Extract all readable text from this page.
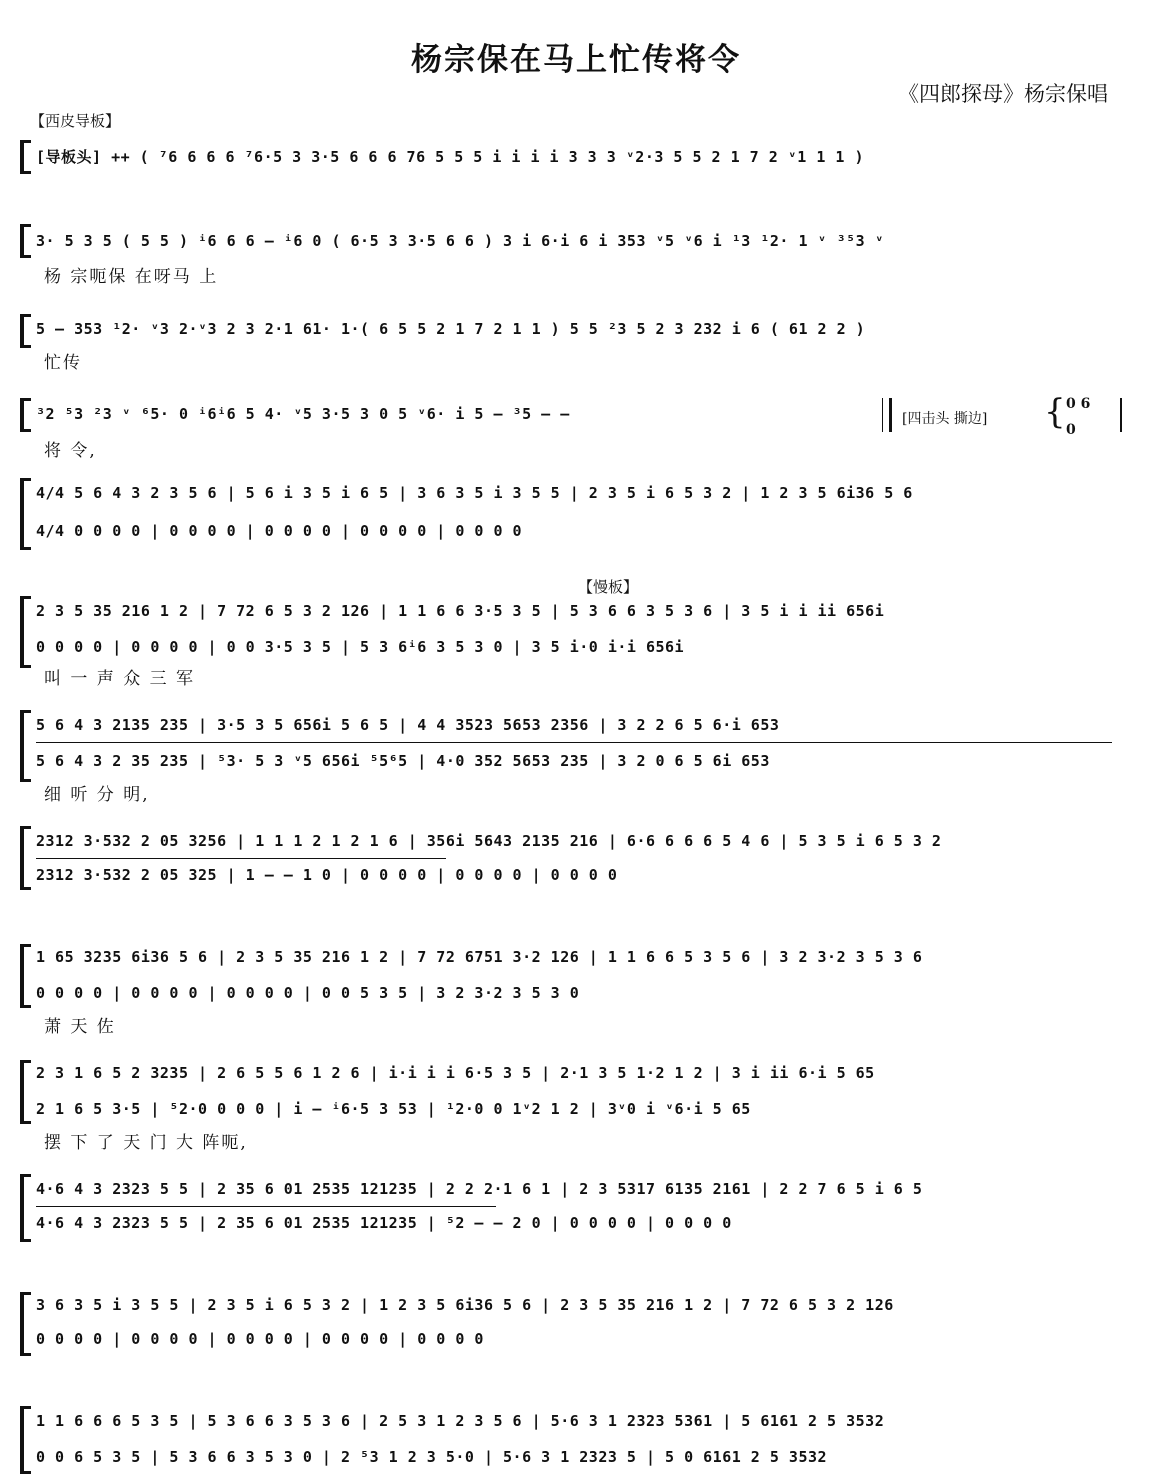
杨宗保在马上忙传将令
《四郎探母》杨宗保唱
【西皮导板】
【慢板】
[导板头] ++ ( ⁷6 6 6 6 ⁷6·5 3 3·5 6 6 6 76 5 5 5 i i i i 3 3 3 ᵛ2·3 5 5 2 1 7 2 ᵛ1 1 1 )
3· 5 3 5 ( 5 5 ) ⁱ6 6 6 — ⁱ6 0 ( 6·5 3 3·5 6 6 ) 3 i 6·i 6 i 353 ᵛ5 ᵛ6 i ¹3 ¹2· 1 ᵛ ³⁵3 ᵛ
杨 宗呃保 在呀马 上
5 — 353 ¹2· ᵛ3 2·ᵛ3 2 3 2·1 61· 1·( 6 5 5 2 1 7 2 1 1 ) 5 5 ²3 5 2 3 232 i 6 ( 61 2 2 )
忙传
³2 ⁵3 ²3 ᵛ ⁶5· 0 ⁱ6ⁱ6 5 4· ᵛ5 3·5 3 0 5 ᵛ6· i 5 — ³5 — —
将 令,
[四击头 撕边] { 0 6
0
4/4 5 6 4 3 2 3 5 6 | 5 6 i 3 5 i 6 5 | 3 6 3 5 i 3 5 5 | 2 3 5 i 6 5 3 2 | 1 2 3 5 6i36 5 6
4/4 0 0 0 0 | 0 0 0 0 | 0 0 0 0 | 0 0 0 0 | 0 0 0 0
2 3 5 35 216 1 2 | 7 72 6 5 3 2 126 | 1 1 6 6 3·5 3 5 | 5 3 6 6 3 5 3 6 | 3 5 i i ii 656i
0 0 0 0 | 0 0 0 0 | 0 0 3·5 3 5 | 5 3 6ⁱ6 3 5 3 0 | 3 5 i·0 i·i 656i
叫 一 声 众 三 军
5 6 4 3 2135 235 | 3·5 3 5 656i 5 6 5 | 4 4 3523 5653 2356 | 3 2 2 6 5 6·i 653
5 6 4 3 2 35 235 | ⁵3· 5 3 ᵛ5 656i ⁵5⁶5 | 4·0 352 5653 235 | 3 2 0 6 5 6i 653
细 听 分 明,
2312 3·532 2 05 3256 | 1 1 1 2 1 2 1 6 | 356i 5643 2135 216 | 6·6 6 6 6 5 4 6 | 5 3 5 i 6 5 3 2
2312 3·532 2 05 325 | 1 — — 1 0 | 0 0 0 0 | 0 0 0 0 | 0 0 0 0
1 65 3235 6i36 5 6 | 2 3 5 35 216 1 2 | 7 72 6751 3·2 126 | 1 1 6 6 5 3 5 6 | 3 2 3·2 3 5 3 6
0 0 0 0 | 0 0 0 0 | 0 0 0 0 | 0 0 5 3 5 | 3 2 3·2 3 5 3 0
萧 天 佐
2 3 1 6 5 2 3235 | 2 6 5 5 6 1 2 6 | i·i i i 6·5 3 5 | 2·1 3 5 1·2 1 2 | 3 i ii 6·i 5 65
2 1 6 5 3·5 | ⁵2·0 0 0 0 | i — ⁱ6·5 3 53 | ¹2·0 0 1ᵛ2 1 2 | 3ᵛ0 i ᵛ6·i 5 65
摆 下 了 天 门 大 阵呃,
4·6 4 3 2323 5 5 | 2 35 6 01 2535 121235 | 2 2 2·1 6 1 | 2 3 5317 6135 2161 | 2 2 7 6 5 i 6 5
4·6 4 3 2323 5 5 | 2 35 6 01 2535 121235 | ⁵2 — — 2 0 | 0 0 0 0 | 0 0 0 0
3 6 3 5 i 3 5 5 | 2 3 5 i 6 5 3 2 | 1 2 3 5 6i36 5 6 | 2 3 5 35 216 1 2 | 7 72 6 5 3 2 126
0 0 0 0 | 0 0 0 0 | 0 0 0 0 | 0 0 0 0 | 0 0 0 0
1 1 6 6 6 5 3 5 | 5 3 6 6 3 5 3 6 | 2 5 3 1 2 3 5 6 | 5·6 3 1 2323 5361 | 5 6161 2 5 3532
0 0 6 5 3 5 | 5 3 6 6 3 5 3 0 | 2 ⁵3 1 2 3 5·0 | 5·6 3 1 2323 5 | 5 0 6161 2 5 3532
